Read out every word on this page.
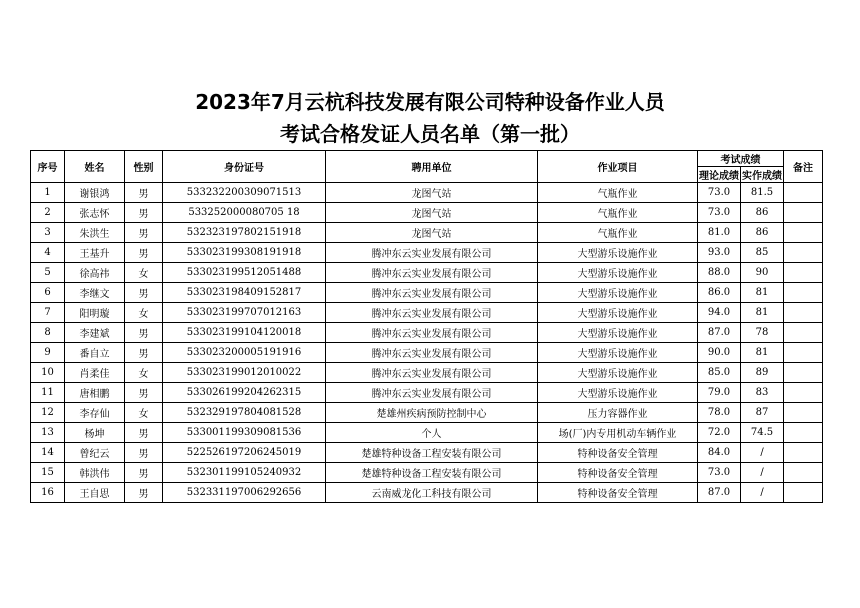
2023年7月云杭科技发展有限公司特种设备作业人员
考试合格发证人员名单（第一批）
序号	姓名	性别	身份证号	聘用单位	作业项目	考试成绩		备注
						理论成绩	实作成绩	
1	谢银鸿	男	533232200309071513	龙图气站	气瓶作业	73.0	81.5	
2	张志怀	男	533252000080705 18	龙图气站	气瓶作业	73.0	86	
3	朱洪生	男	532323197802151918	龙图气站	气瓶作业	81.0	86	
4	王基升	男	533023199308191918	腾冲东云实业发展有限公司	大型游乐设施作业	93.0	85	
5	徐高祎	女	533023199512051488	腾冲东云实业发展有限公司	大型游乐设施作业	88.0	90	
6	李继文	男	533023198409152817	腾冲东云实业发展有限公司	大型游乐设施作业	86.0	81	
7	阳明璇	女	533023199707012163	腾冲东云实业发展有限公司	大型游乐设施作业	94.0	81	
8	李建斌	男	533023199104120018	腾冲东云实业发展有限公司	大型游乐设施作业	87.0	78	
9	番自立	男	533023200005191916	腾冲东云实业发展有限公司	大型游乐设施作业	90.0	81	
10	肖柔佳	女	533023199012010022	腾冲东云实业发展有限公司	大型游乐设施作业	85.0	89	
11	唐相鹏	男	533026199204262315	腾冲东云实业发展有限公司	大型游乐设施作业	79.0	83	
12	李存仙	女	532329197804081528	楚雄州疾病预防控制中心	压力容器作业	78.0	87	
13	杨坤	男	533001199309081536	个人	场(厂)内专用机动车辆作业	72.0	74.5	
14	曾纪云	男	522526197206245019	楚雄特种设备工程安装有限公司	特种设备安全管理	84.0	/	
15	韩洪伟	男	532301199105240932	楚雄特种设备工程安装有限公司	特种设备安全管理	73.0	/	
16	王自思	男	532331197006292656	云南威龙化工科技有限公司	特种设备安全管理	87.0	/	
